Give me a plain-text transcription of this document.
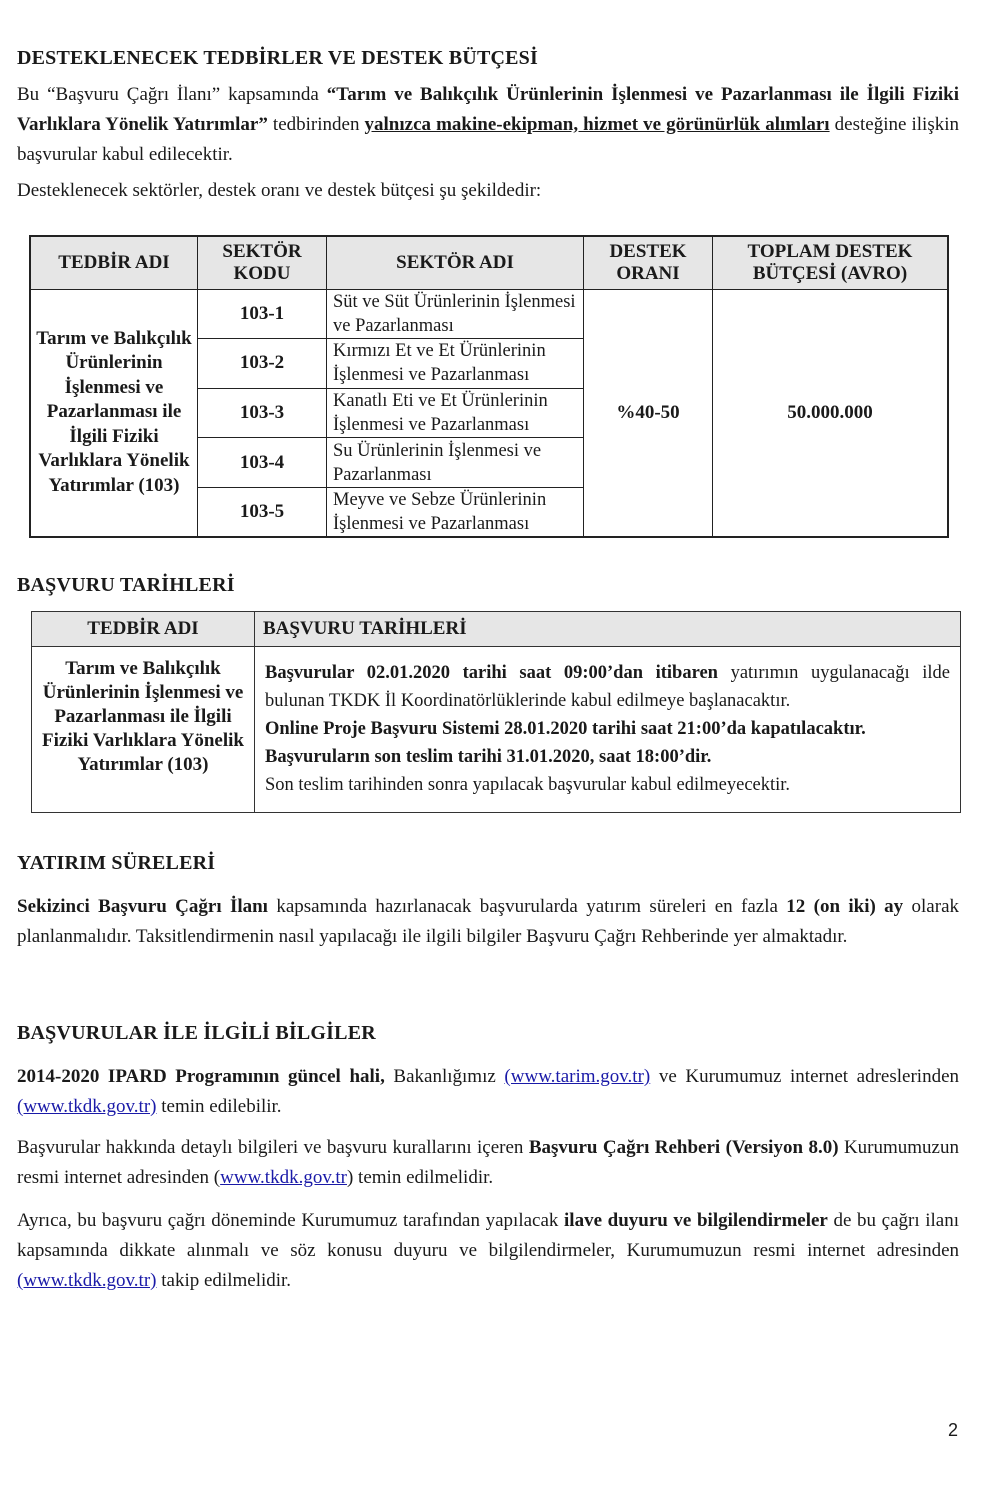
DESTEKLENECEK TEDBİRLER VE DESTEK BÜTÇESİ

Bu “Başvuru Çağrı İlanı” kapsamında “Tarım ve Balıkçılık Ürünlerinin İşlenmesi ve Pazarlanması ile İlgili Fiziki Varlıklara Yönelik Yatırımlar” tedbirinden yalnızca makine-ekipman, hizmet ve görünürlük alımları desteğine ilişkin başvurular kabul edilecektir.

Desteklenecek sektörler, destek oranı ve destek bütçesi şu şekildedir:

TEDBİR ADI	SEKTÖR KODU	SEKTÖR ADI	DESTEK ORANI	TOPLAM DESTEK BÜTÇESİ (AVRO)
Tarım ve Balıkçılık Ürünlerinin İşlenmesi ve Pazarlanması ile İlgili Fiziki Varlıklara Yönelik Yatırımlar (103)	103-1	Süt ve Süt Ürünlerinin İşlenmesi ve Pazarlanması	%40-50	50.000.000
	103-2	Kırmızı Et ve Et Ürünlerinin İşlenmesi ve Pazarlanması		
	103-3	Kanatlı Eti ve Et Ürünlerinin İşlenmesi ve Pazarlanması		
	103-4	Su Ürünlerinin İşlenmesi ve Pazarlanması		
	103-5	Meyve ve Sebze Ürünlerinin İşlenmesi ve Pazarlanması		
BAŞVURU TARİHLERİ
TEDBİR ADI	BAŞVURU TARİHLERİ
Tarım ve Balıkçılık Ürünlerinin İşlenmesi ve Pazarlanması ile İlgili Fiziki Varlıklara Yönelik Yatırımlar (103)	Başvurular 02.01.2020 tarihi saat 09:00’dan itibaren yatırımın uygulanacağı ilde bulunan TKDK İl Koordinatörlüklerinde kabul edilmeye başlanacaktır.
Online Proje Başvuru Sistemi 28.01.2020 tarihi saat 21:00’da kapatılacaktır.
Başvuruların son teslim tarihi 31.01.2020, saat 18:00’dir.
Son teslim tarihinden sonra yapılacak başvurular kabul edilmeyecektir.
YATIRIM SÜRELERİ

Sekizinci Başvuru Çağrı İlanı kapsamında hazırlanacak başvurularda yatırım süreleri en fazla 12 (on iki) ay olarak planlanmalıdır. Taksitlendirmenin nasıl yapılacağı ile ilgili bilgiler Başvuru Çağrı Rehberinde yer almaktadır.

BAŞVURULAR İLE İLGİLİ BİLGİLER

2014-2020 IPARD Programının güncel hali, Bakanlığımız (www.tarim.gov.tr) ve Kurumumuz internet adreslerinden (www.tkdk.gov.tr) temin edilebilir.

Başvurular hakkında detaylı bilgileri ve başvuru kurallarını içeren Başvuru Çağrı Rehberi (Versiyon 8.0) Kurumumuzun resmi internet adresinden (www.tkdk.gov.tr) temin edilmelidir.

Ayrıca, bu başvuru çağrı döneminde Kurumumuz tarafından yapılacak ilave duyuru ve bilgilendirmeler de bu çağrı ilanı kapsamında dikkate alınmalı ve söz konusu duyuru ve bilgilendirmeler, Kurumumuzun resmi internet adresinden (www.tkdk.gov.tr) takip edilmelidir.

2
